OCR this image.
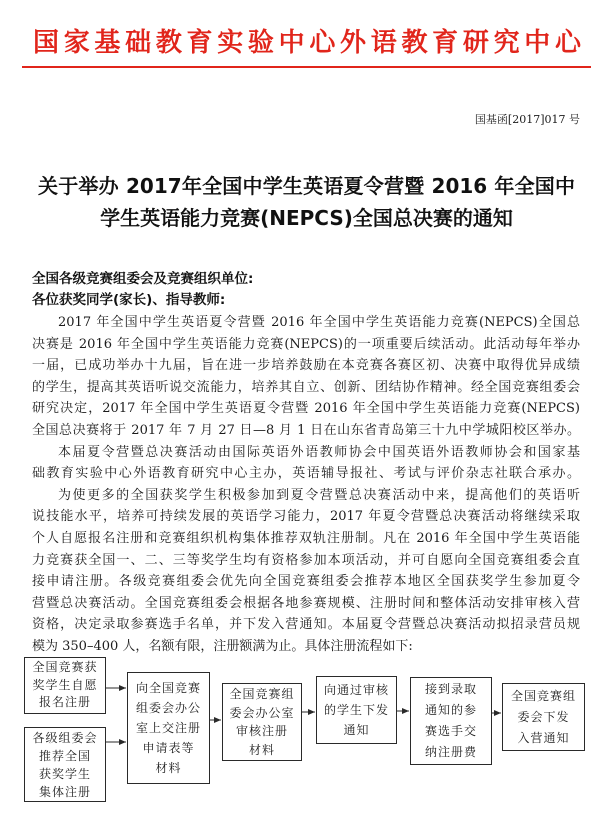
国家基础教育实验中心外语教育研究中心
国基函[2017]017 号
关于举办 2017年全国中学生英语夏令营暨 2016 年全国中
学生英语能力竞赛(NEPCS)全国总决赛的通知
全国各级竞赛组委会及竞赛组织单位:
各位获奖同学(家长)、指导教师:
2017 年全国中学生英语夏令营暨 2016 年全国中学生英语能力竞赛(NEPCS)全国总
决赛是 2016 年全国中学生英语能力竞赛(NEPCS)的一项重要后续活动。此活动每年举办
一届，已成功举办十九届，旨在进一步培养鼓励在本竞赛各赛区初、决赛中取得优异成绩
的学生，提高其英语听说交流能力，培养其自立、创新、团结协作精神。经全国竞赛组委会
研究决定，2017 年全国中学生英语夏令营暨 2016 年全国中学生英语能力竞赛(NEPCS)
全国总决赛将于 2017 年 7 月 27 日—8 月 1 日在山东省青岛第三十九中学城阳校区举办。
本届夏令营暨总决赛活动由国际英语外语教师协会中国英语外语教师协会和国家基
础教育实验中心外语教育研究中心主办，英语辅导报社、考试与评价杂志社联合承办。
为使更多的全国获奖学生积极参加到夏令营暨总决赛活动中来，提高他们的英语听
说技能水平，培养可持续发展的英语学习能力，2017 年夏令营暨总决赛活动将继续采取
个人自愿报名注册和竞赛组织机构集体推荐双轨注册制。凡在 2016 年全国中学生英语能
力竞赛获全国一、二、三等奖学生均有资格参加本项活动，并可自愿向全国竞赛组委会直
接申请注册。各级竞赛组委会优先向全国竞赛组委会推荐本地区全国获奖学生参加夏令
营暨总决赛活动。全国竞赛组委会根据各地参赛规模、注册时间和整体活动安排审核入营
资格，决定录取参赛选手名单，并下发入营通知。本届夏令营暨总决赛活动拟招录营员规
模为 350–400 人，名额有限，注册额满为止。具体注册流程如下:
全国竞赛获
奖学生自愿
报名注册
各级组委会
推荐全国
获奖学生
集体注册
向全国竞赛
组委会办公
室上交注册
申请表等
材料
全国竞赛组
委会办公室
审核注册
材料
向通过审核
的学生下发
通知
接到录取
通知的参
赛选手交
纳注册费
全国竞赛组
委会下发
入营通知
